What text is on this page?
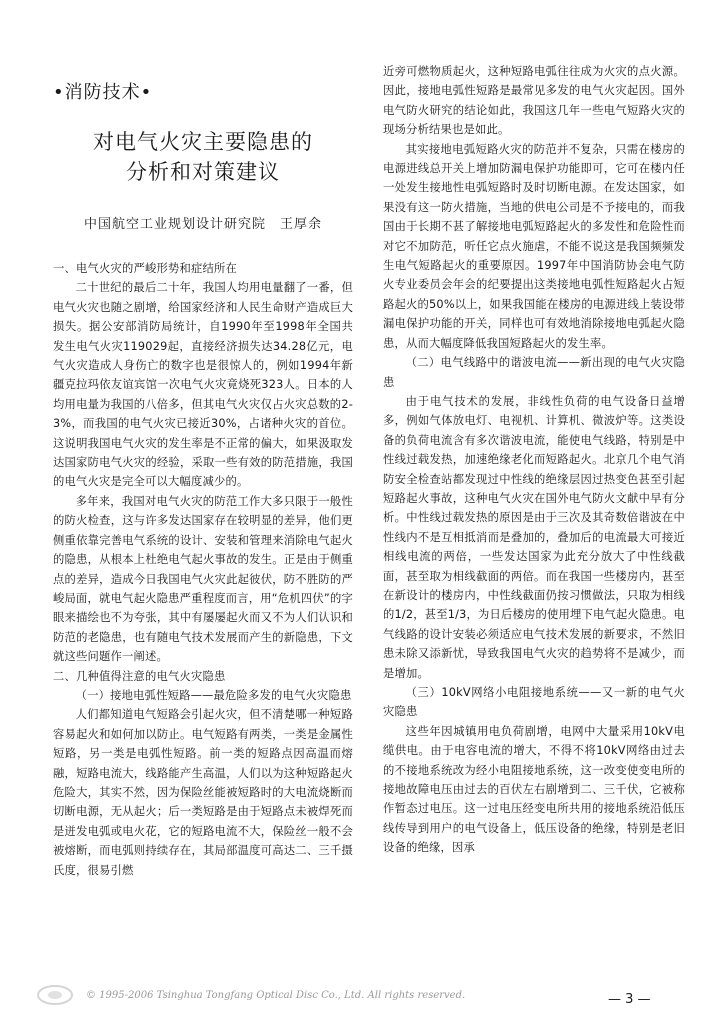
•消防技术•
对电气火灾主要隐患的
分析和对策建议
中国航空工业规划设计研究院　王厚余

一、电气火灾的严峻形势和症结所在

二十世纪的最后二十年，我国人均用电量翻了一番，但电气火灾也随之剧增，给国家经济和人民生命财产造成巨大损失。据公安部消防局统计，自1990年至1998年全国共发生电气火灾119029起，直接经济损失达34.28亿元，电气火灾造成人身伤亡的数字也是很惊人的，例如1994年新疆克拉玛依友谊宾馆一次电气火灾竟烧死323人。日本的人均用电量为我国的八倍多，但其电气火灾仅占火灾总数的2- 3%，而我国的电气火灾已接近30%，占诸种火灾的首位。这说明我国电气火灾的发生率是不正常的偏大，如果汲取发达国家防电气火灾的经验，采取一些有效的防范措施，我国的电气火灾是完全可以大幅度减少的。

多年来，我国对电气火灾的防范工作大多只限于一般性的防火检查，这与许多发达国家存在较明显的差异，他们更侧重依靠完善电气系统的设计、安装和管理来消除电气起火的隐患，从根本上杜绝电气起火事故的发生。正是由于侧重点的差异，造成今日我国电气火灾此起彼伏，防不胜防的严峻局面，就电气起火隐患严重程度而言，用“危机四伏”的字眼来描绘也不为夸张，其中有屡屡起火而又不为人们认识和防范的老隐患，也有随电气技术发展而产生的新隐患，下文就这些问题作一阐述。

二、几种值得注意的电气火灾隐患

（一）接地电弧性短路——最危险多发的电气火灾隐患

人们都知道电气短路会引起火灾，但不清楚哪一种短路容易起火和如何加以防止。电气短路有两类，一类是金属性短路，另一类是电弧性短路。前一类的短路点因高温而熔融，短路电流大，线路能产生高温，人们以为这种短路起火危险大，其实不然，因为保险丝能被短路时的大电流烧断而切断电源，无从起火；后一类短路是由于短路点未被焊死而是迸发电弧或电火花，它的短路电流不大，保险丝一般不会被熔断，而电弧则持续存在，其局部温度可高达二、三千摄氏度，很易引燃

近旁可燃物质起火，这种短路电弧往往成为火灾的点火源。因此，接地电弧性短路是最常见多发的电气火灾起因。国外电气防火研究的结论如此，我国这几年一些电气短路火灾的现场分析结果也是如此。

其实接地电弧短路火灾的防范并不复杂，只需在楼房的电源进线总开关上增加防漏电保护功能即可，它可在楼内任一处发生接地性电弧短路时及时切断电源。在发达国家，如果没有这一防火措施，当地的供电公司是不予接电的，而我国由于长期不甚了解接地电弧短路起火的多发性和危险性而对它不加防范，听任它点火施虐，不能不说这是我国频频发生电气短路起火的重要原因。1997年中国消防协会电气防火专业委员会年会的纪要提出这类接地电弧性短路起火占短路起火的50%以上，如果我国能在楼房的电源进线上装设带漏电保护功能的开关，同样也可有效地消除接地电弧起火隐患，从而大幅度降低我国短路起火的发生率。

（二）电气线路中的谐波电流——新出现的电气火灾隐患

由于电气技术的发展，非线性负荷的电气设备日益增多，例如气体放电灯、电视机、计算机、微波炉等。这类设备的负荷电流含有多次谐波电流，能使电气线路，特别是中性线过载发热，加速绝缘老化而短路起火。北京几个电气消防安全检查站都发现过中性线的绝缘层因过热变色甚至引起短路起火事故，这种电气火灾在国外电气防火文献中早有分析。中性线过载发热的原因是由于三次及其奇数倍谐波在中性线内不是互相抵消而是叠加的，叠加后的电流最大可接近相线电流的两倍，一些发达国家为此充分放大了中性线截面，甚至取为相线截面的两倍。而在我国一些楼房内，甚至在新设计的楼房内，中性线截面仍按习惯做法，只取为相线的1/2，甚至1/3，为日后楼房的使用埋下电气起火隐患。电气线路的设计安装必须适应电气技术发展的新要求，不然旧患未除又添新忧，导致我国电气火灾的趋势将不是减少，而是增加。

（三）10kV网络小电阻接地系统——又一新的电气火灾隐患

这些年因城镇用电负荷剧增，电网中大量采用10kV电缆供电。由于电容电流的增大，不得不将10kV网络由过去的不接地系统改为经小电阻接地系统，这一改变使变电所的接地故障电压由过去的百伏左右剧增到二、三千伏，它被称作暂态过电压。这一过电压经变电所共用的接地系统沿低压线传导到用户的电气设备上，低压设备的绝缘，特别是老旧设备的绝缘，因承

— 3 —
© 1995-2006 Tsinghua Tongfang Optical Disc Co., Ltd. All rights reserved.
